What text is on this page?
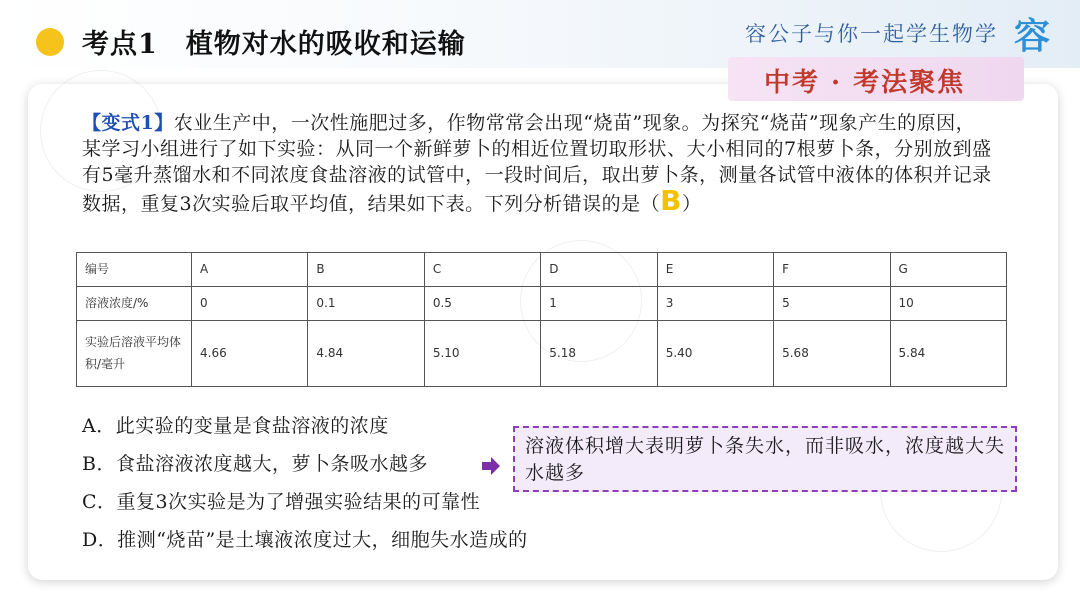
考点1　植物对水的吸收和运输	容公子与你一起学生物学 容
中考 · 考法聚焦
【变式1】农业生产中，一次性施肥过多，作物常常会出现“烧苗”现象。为探究“烧苗”现象产生的原因，某学习小组进行了如下实验：从同一个新鲜萝卜的相近位置切取形状、大小相同的7根萝卜条，分别放到盛有5毫升蒸馏水和不同浓度食盐溶液的试管中，一段时间后，取出萝卜条，测量各试管中液体的体积并记录数据，重复3次实验后取平均值，结果如下表。下列分析错误的是（B）
编号	A	B	C	D	E	F	G
溶液浓度/%	0	0.1	0.5	1	3	5	10
实验后溶液平均体积/毫升	4.66	4.84	5.10	5.18	5.40	5.68	5.84
A．此实验的变量是食盐溶液的浓度
B．食盐溶液浓度越大，萝卜条吸水越多
C．重复3次实验是为了增强实验结果的可靠性
D．推测“烧苗”是土壤液浓度过大，细胞失水造成的
溶液体积增大表明萝卜条失水，而非吸水，浓度越大失水越多
